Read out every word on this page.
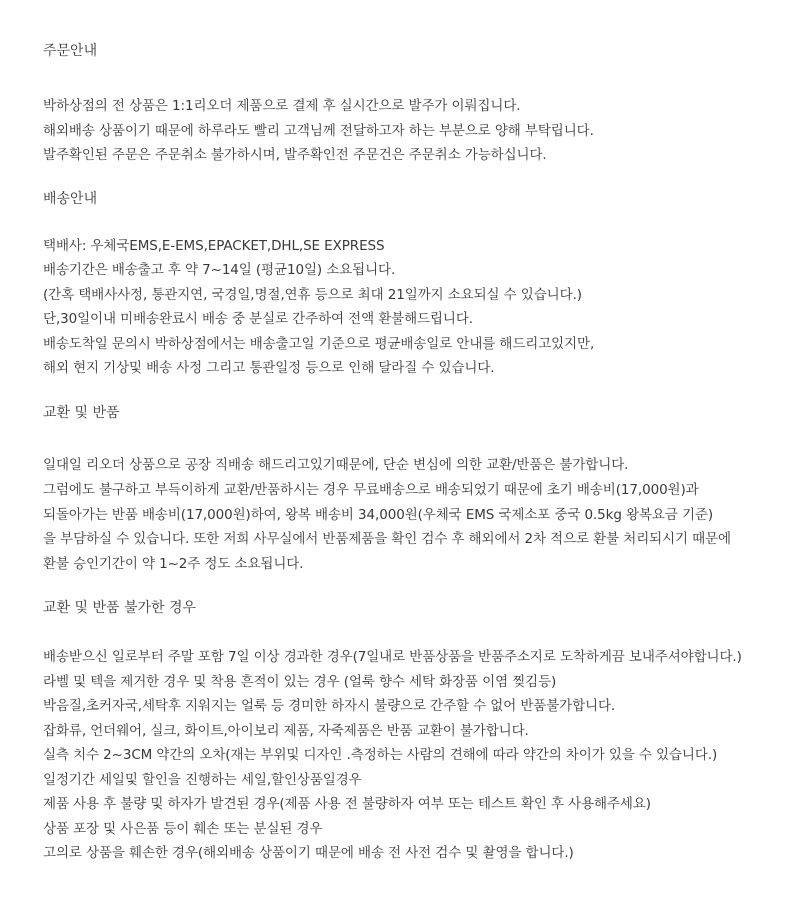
주문안내

박하상점의 전 상품은 1:1리오더 제품으로 결제 후 실시간으로 발주가 이뤄집니다.

해외배송 상품이기 때문에 하루라도 빨리 고객님께 전달하고자 하는 부분으로 양해 부탁립니다.

발주확인된 주문은 주문취소 불가하시며, 발주확인전 주문건은 주문취소 가능하십니다.

배송안내

택배사: 우체국EMS,E-EMS,EPACKET,DHL,SE EXPRESS

배송기간은 배송출고 후 약 7~14일 (평균10일) 소요됩니다.

(간혹 택배사사정, 통관지연, 국경일,명절,연휴 등으로 최대 21일까지 소요되실 수 있습니다.)

단,30일이내 미배송완료시 배송 중 분실로 간주하여 전액 환불해드립니다.

배송도착일 문의시 박하상점에서는 배송출고일 기준으로 평균배송일로 안내를 해드리고있지만,

해외 현지 기상및 배송 사정 그리고 통관일정 등으로 인해 달라질 수 있습니다.

교환 및 반품

일대일 리오더 상품으로 공장 직배송 해드리고있기때문에, 단순 변심에 의한 교환/반품은 불가합니다.

그럼에도 불구하고 부득이하게 교환/반품하시는 경우 무료배송으로 배송되었기 때문에 초기 배송비(17,000원)과

되돌아가는 반품 배송비(17,000원)하여, 왕복 배송비 34,000원(우체국 EMS 국제소포 중국 0.5kg 왕복요금 기준)

을 부담하실 수 있습니다. 또한 저희 사무실에서 반품제품을 확인 검수 후 해외에서 2차 적으로 환불 처리되시기 때문에

환불 승인기간이 약 1~2주 정도 소요됩니다.

교환 및 반품 불가한 경우

배송받으신 일로부터 주말 포함 7일 이상 경과한 경우(7일내로 반품상품을 반품주소지로 도착하게끔 보내주셔야합니다.)

라벨 및 텍을 제거한 경우 및 착용 흔적이 있는 경우 (얼룩 향수 세탁 화장품 이염 찢김등)

박음질,초커자국,세탁후 지워지는 얼룩 등 경미한 하자시 불량으로 간주할 수 없어 반품불가합니다.

잡화류, 언더웨어, 실크, 화이트,아이보리 제품, 자죽제품은 반품 교환이 불가합니다.

실측 치수 2~3CM 약간의 오차(재는 부위및 디자인 .측정하는 사람의 견해에 따라 약간의 차이가 있을 수 있습니다.)

일정기간 세일및 할인을 진행하는 세일,할인상품일경우

제품 사용 후 불량 및 하자가 발견된 경우(제품 사용 전 불량하자 여부 또는 테스트 확인 후 사용해주세요)

상품 포장 및 사은품 등이 훼손 또는 분실된 경우

고의로 상품을 훼손한 경우(해외배송 상품이기 때문에 배송 전 사전 검수 및 촬영을 합니다.)
